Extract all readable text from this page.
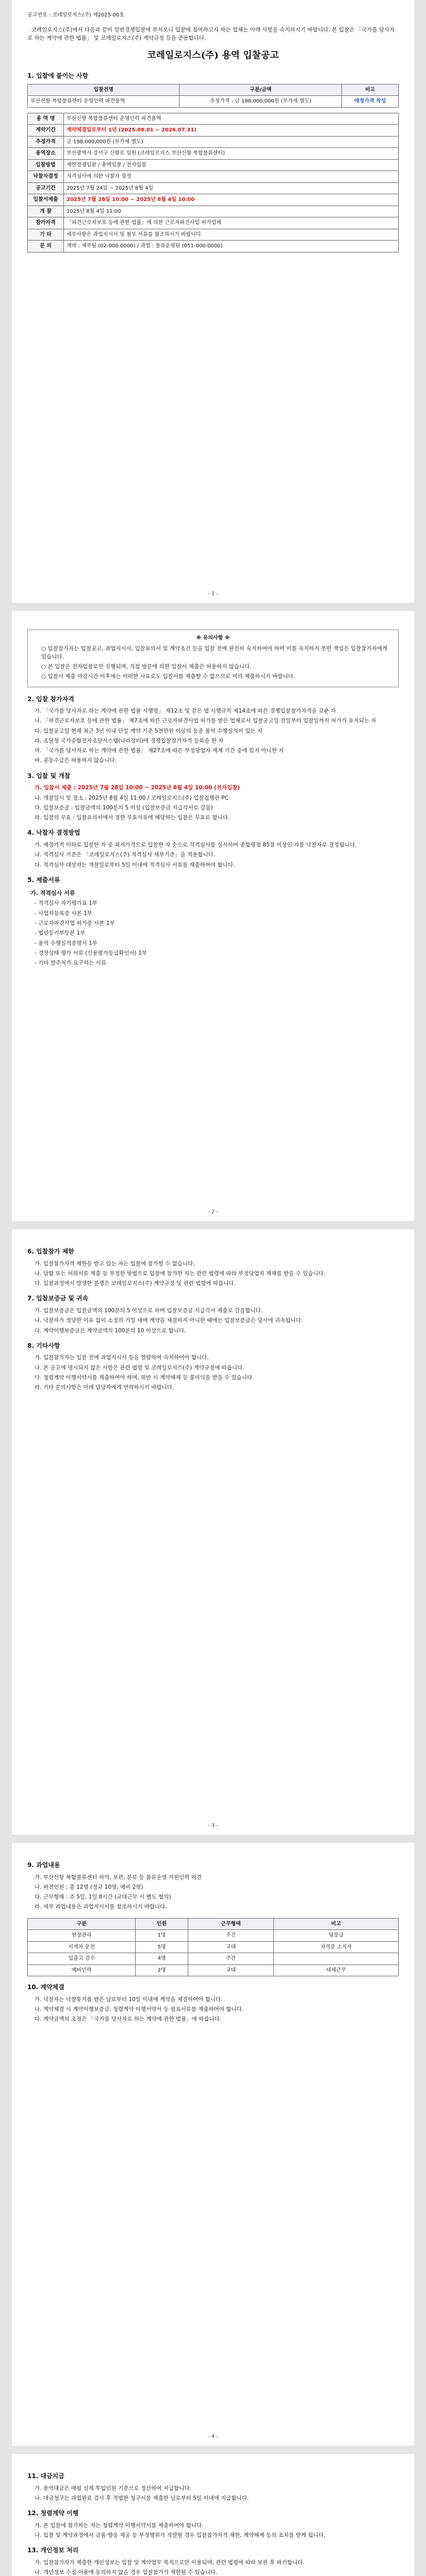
공고번호 : 코레일로지스(주) 제2025-00호
코레일로지스(주)에서 다음과 같이 일반경쟁입찰에 부치오니 입찰에 참여하고자 하는 업체는 아래 사항을 숙지하시기 바랍니다. 본 입찰은 「국가를 당사자로 하는 계약에 관한 법률」 및 코레일로지스(주) 계약규정 등을 준용합니다.
코레일로지스(주) 용역 입찰공고
1. 입찰에 붙이는 사항
입찰건명	구분/금액	비고
부산신항 복합물류센터 운영인력 파견용역	추정가격 : 금 198,000,000원 (부가세 별도)	예정가격 작성
용 역 명	부산신항 복합물류센터 운영인력 파견용역
계약기간	계약체결일로부터 1년 (2025.08.01 ~ 2026.07.31)
추정가격	금 198,000,000원 (부가세 별도)
용역장소	부산광역시 강서구 신항로 일원 (코레일로지스 부산신항 복합물류센터)
입찰방법	제한경쟁입찰 / 총액입찰 / 전자입찰
낙찰자결정	적격심사에 의한 낙찰자 결정
공고기간	2025년 7월 24일 ~ 2025년 8월 4일
입찰서제출	2025년 7월 28일 10:00 ~ 2025년 8월 4일 10:00
개 찰	2025년 8월 4일 11:00
참가자격	「파견근로자보호 등에 관한 법률」에 의한 근로자파견사업 허가업체
기 타	세부사항은 과업지시서 및 첨부 서류를 참조하시기 바랍니다.
문 의	계약 : 재무팀 (02-000-0000) / 과업 : 물류운영팀 (051-000-0000)
- 1 -
※ 유의사항 ※
○ 입찰참가자는 입찰공고, 과업지시서, 입찰유의서 및 계약조건 등을 입찰 전에 완전히 숙지하여야 하며 이를 숙지하지 못한 책임은 입찰참가자에게 있습니다.
○ 본 입찰은 전자입찰로만 진행되며, 직접 방문에 의한 입찰서 제출은 허용하지 않습니다.
○ 입찰서 제출 마감시간 이후에는 어떠한 사유로도 입찰서를 제출할 수 없으므로 미리 제출하시기 바랍니다.
2. 입찰 참가자격
가. 「국가를 당사자로 하는 계약에 관한 법률 시행령」 제12조 및 같은 법 시행규칙 제14조에 따른 경쟁입찰참가자격을 갖춘 자
나. 「파견근로자보호 등에 관한 법률」 제7조에 따른 근로자파견사업 허가를 받은 업체로서 입찰공고일 전일부터 입찰일까지 허가가 유지되는 자
다. 입찰공고일 현재 최근 3년 이내 단일 계약 기준 5천만원 이상의 동종 용역 수행실적이 있는 자
라. 조달청 국가종합전자조달시스템(나라장터)에 경쟁입찰참가자격 등록을 한 자
마. 「국가를 당사자로 하는 계약에 관한 법률」 제27조에 따른 부정당업자 제재 기간 중에 있지 아니한 자
바. 공동수급은 허용하지 않습니다.
3. 입찰 및 개찰
가. 입찰서 제출 : 2025년 7월 28일 10:00 ~ 2025년 8월 4일 10:00 (전자입찰)
나. 개찰일시 및 장소 : 2025년 8월 4일 11:00 / 코레일로지스(주) 입찰집행관 PC
다. 입찰보증금 : 입찰금액의 100분의 5 이상 (입찰보증금 지급각서로 갈음)
라. 입찰의 무효 : 입찰유의서에서 정한 무효사유에 해당하는 입찰은 무효로 합니다.
4. 낙찰자 결정방법
가. 예정가격 이하로 입찰한 자 중 최저가격으로 입찰한 자 순으로 적격심사를 실시하여 종합평점 85점 이상인 자를 낙찰자로 결정합니다.
나. 적격심사 기준은 「코레일로지스(주) 적격심사 세부기준」을 적용합니다.
다. 적격심사 대상자는 개찰일로부터 5일 이내에 적격심사 서류를 제출하여야 합니다.
5. 제출서류
가. 적격심사 서류
- 적격심사 자기평가표 1부
- 사업자등록증 사본 1부
- 근로자파견사업 허가증 사본 1부
- 법인등기부등본 1부
- 용역 수행실적증명서 1부
- 경영상태 평가 서류 (신용평가등급확인서) 1부
- 기타 발주처가 요구하는 서류
- 2 -
6. 입찰참가 제한
가. 입찰참가자격 제한을 받고 있는 자는 입찰에 참가할 수 없습니다.
나. 담합 또는 허위서류 제출 등 부정한 방법으로 입찰에 참가한 자는 관련 법령에 따라 부정당업자 제재를 받을 수 있습니다.
다. 입찰과정에서 발생한 분쟁은 코레일로지스(주) 계약규정 및 관련 법령에 따릅니다.
7. 입찰보증금 및 귀속
가. 입찰보증금은 입찰금액의 100분의 5 이상으로 하며 입찰보증금 지급각서 제출로 갈음합니다.
나. 낙찰자가 정당한 이유 없이 소정의 기일 내에 계약을 체결하지 아니한 때에는 입찰보증금은 당사에 귀속됩니다.
다. 계약이행보증금은 계약금액의 100분의 10 이상으로 합니다.
8. 기타사항
가. 입찰참가자는 입찰 전에 과업지시서 등을 열람하여 숙지하여야 합니다.
나. 본 공고에 명시되지 않은 사항은 관련 법령 및 코레일로지스(주) 계약규정에 따릅니다.
다. 청렴계약 이행서약서를 제출하여야 하며, 위반 시 계약해제 등 불이익을 받을 수 있습니다.
라. 기타 문의사항은 아래 담당자에게 연락하시기 바랍니다.
- 3 -
9. 과업내용
가. 부산신항 복합물류센터 하역, 보관, 분류 등 물류운영 지원인력 파견
나. 파견인원 : 총 12명 (정규 10명, 예비 2명)
다. 근무형태 : 주 5일, 1일 8시간 (교대근무 시 별도 협의)
라. 세부 과업내용은 과업지시서를 참조하시기 바랍니다.
구분	인원	근무형태	비고
현장관리	1명	주간	팀장급
지게차 운전	5명	교대	자격증 소지자
입출고 검수	4명	주간	
예비인력	2명	교대	대체근무
10. 계약체결
가. 낙찰자는 낙찰통지를 받은 날로부터 10일 이내에 계약을 체결하여야 합니다.
나. 계약체결 시 계약이행보증금, 청렴계약 이행서약서 등 필요서류를 제출하여야 합니다.
다. 계약금액의 조정은 「국가를 당사자로 하는 계약에 관한 법률」에 따릅니다.
- 4 -
11. 대금지급
가. 용역대금은 매월 실제 투입인원 기준으로 정산하여 지급합니다.
나. 대금청구는 과업완료 검사 후 적법한 청구서를 제출한 날로부터 5일 이내에 지급합니다.
12. 청렴계약 이행
가. 본 입찰에 참가하는 자는 청렴계약 이행서약서를 제출하여야 합니다.
나. 입찰 및 계약과정에서 금품·향응 제공 등 부정행위가 적발될 경우 입찰참가자격 제한, 계약해제 등의 조치를 받게 됩니다.
13. 개인정보 처리
가. 입찰참가자가 제출한 개인정보는 입찰 및 계약업무 목적으로만 이용되며, 관련 법령에 따라 보관 후 파기합니다.
나. 개인정보 수집·이용에 동의하지 않을 경우 입찰참가가 제한될 수 있습니다.
